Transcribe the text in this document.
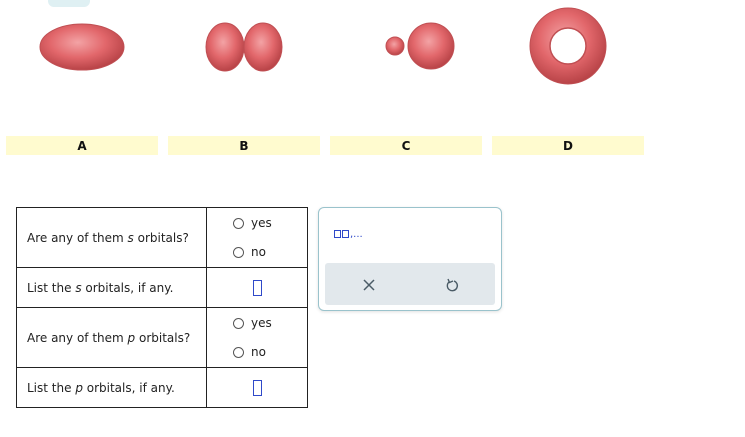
A	B	C	D
Are any of them s orbitals?	yes
no

List the s orbitals, if any.	

Are any of them p orbitals?	yes
no

List the p orbitals, if any.	
,...
